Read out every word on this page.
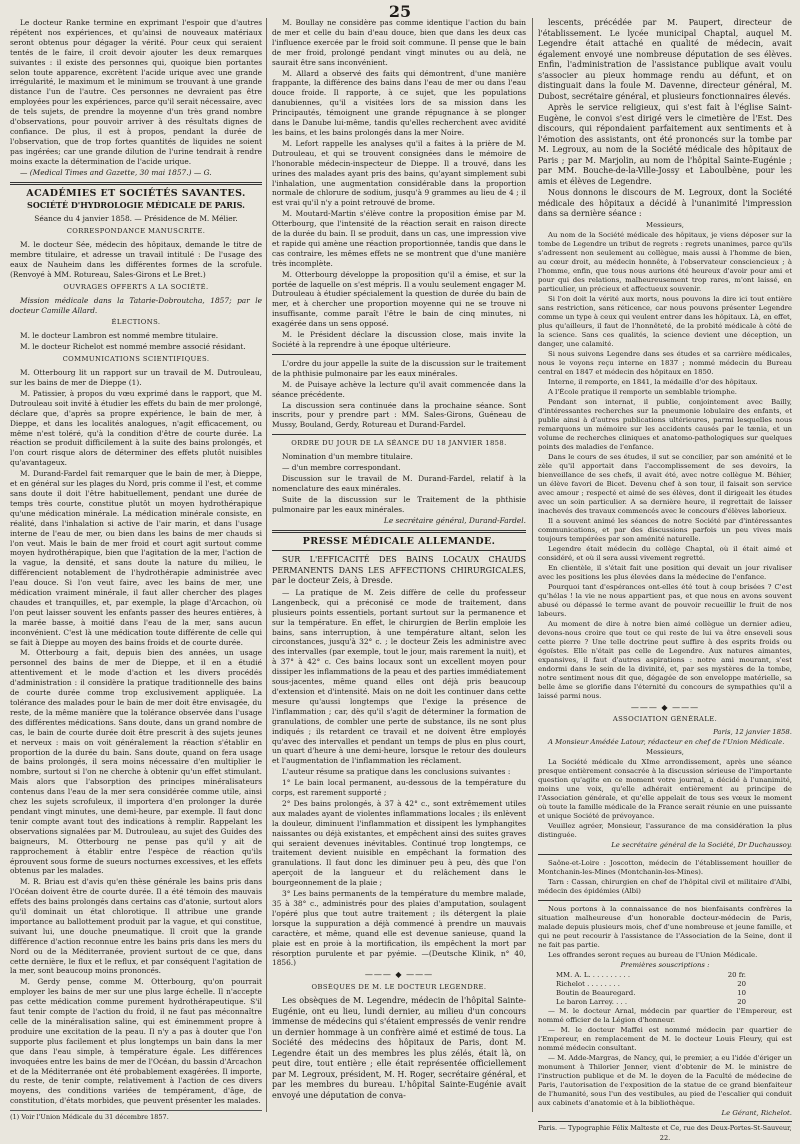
25

Le docteur Ranke termine en exprimant l'espoir que d'autres répétent nos expériences, et qu'ainsi de nouveaux matériaux seront obtenus pour dégager la vérité. Pour ceux qui seraient tentés de le faire, il croit devoir ajouter les deux remarques suivantes : il existe des personnes qui, quoique bien portantes selon toute apparence, excrètent l'acide urique avec une grande irrégularité, le maximum et le minimum se trouvant à une grande distance l'un de l'autre. Ces personnes ne devraient pas être employées pour les expériences, parce qu'il serait nécessaire, avec de tels sujets, de prendre la moyenne d'un très grand nombre d'observations, pour pouvoir arriver à des résultats dignes de confiance. De plus, il est à propos, pendant la durée de l'observation, que de trop fortes quantités de liquides ne soient pas ingérées; car une grande dilution de l'urine tendrait à rendre moins exacte la détermination de l'acide urique.

— (Medical Times and Gazette, 30 mai 1857.) — G.

ACADÉMIES ET SOCIÉTÉS SAVANTES.
SOCIÉTÉ D'HYDROLOGIE MÉDICALE DE PARIS.

Séance du 4 janvier 1858. — Présidence de M. Mélier.

CORRESPONDANCE MANUSCRITE.

M. le docteur Sée, médecin des hôpitaux, demande le titre de membre titulaire, et adresse un travail intitulé : De l'usage des eaux de Nauheim dans les différentes formes de la scrofule. (Renvoyé à MM. Rotureau, Sales-Girons et Le Bret.)

OUVRAGES OFFERTS A LA SOCIÉTÉ.

Mission médicale dans la Tatarie-Dobroutcha, 1857; par le docteur Camille Allard.

ÉLECTIONS.

M. le docteur Lambron est nommé membre titulaire.

M. le docteur Richelot est nommé membre associé résidant.

COMMUNICATIONS SCIENTIFIQUES.

M. Otterbourg lit un rapport sur un travail de M. Dutrouleau, sur les bains de mer de Dieppe (1).

M. Patissier, à propos du vœu exprimé dans le rapport, que M. Dutrouleau soit invité à étudier les effets du bain de mer prolongé, déclare que, d'après sa propre expérience, le bain de mer, à Dieppe, et dans les localités analogues, n'agit efficacement, ou même n'est toléré, qu'à la condition d'être de courte durée. La réaction se produit difficilement à la suite des bains prolongés, et l'on court risque alors de déterminer des effets plutôt nuisibles qu'avantageux.

M. Durand-Fardel fait remarquer que le bain de mer, à Dieppe, et en général sur les plages du Nord, pris comme il l'est, et comme sans doute il doit l'être habituellement, pendant une durée de temps très courte, constitue plutôt un moyen hydrothérapique qu'une médication minérale. La médication minérale consiste, en réalité, dans l'inhalation si active de l'air marin, et dans l'usage interne de l'eau de mer, ou bien dans les bains de mer chauds si l'on veut. Mais le bain de mer froid et court agit surtout comme moyen hydrothérapique, bien que l'agitation de la mer, l'action de la vague, la densité, et sans doute la nature du milieu, le différencient notablement de l'hydrothérapie administrée avec l'eau douce. Si l'on veut faire, avec les bains de mer, une médication vraiment minérale, il faut aller chercher des plages chaudes et tranquilles, et, par exemple, la plage d'Arcachon, où l'on peut laisser souvent les enfants passer des heures entières, à la marée basse, à moitié dans l'eau de la mer, sans aucun inconvénient. C'est là une médication toute différente de celle qui se fait à Dieppe au moyen des bains froids et de courte durée.

M. Otterbourg a fait, depuis bien des années, un usage personnel des bains de mer de Dieppe, et il en a étudié attentivement et le mode d'action et les divers procédés d'administration : il considère la pratique traditionnelle des bains de courte durée comme trop exclusivement appliquée. La tolérance des malades pour le bain de mer doit être envisagée, du reste, de la même manière que la tolérance observée dans l'usage des différentes médications. Sans doute, dans un grand nombre de cas, le bain de courte durée doit être prescrit à des sujets jeunes et nerveux : mais on voit généralement la réaction s'établir en proportion de la durée du bain. Sans doute, quand on fera usage de bains prolongés, il sera moins nécessaire d'en multiplier le nombre, surtout si l'on ne cherche à obtenir qu'un effet stimulant. Mais alors que l'absorption des principes minéralisateurs contenus dans l'eau de la mer sera considérée comme utile, ainsi chez les sujets scrofuleux, il importera d'en prolonger la durée pendant vingt minutes, une demi-heure, par exemple. Il faut donc tenir compte avant tout des indications à remplir. Rappelant les observations signalées par M. Dutrouleau, au sujet des Guides des baigneurs, M. Otterbourg ne pense pas qu'il y ait de rapprochement à établir entre l'espèce de réaction qu'ils éprouvent sous forme de sueurs nocturnes excessives, et les effets obtenus par les malades.

M. R. Briau est d'avis qu'en thèse générale les bains pris dans l'Océan doivent être de courte durée. Il a été témoin des mauvais effets des bains prolongés dans certains cas d'atonie, surtout alors qu'il dominait un état chlorotique. Il attribue une grande importance au ballottement produit par la vague, et qui constitue, suivant lui, une douche pneumatique. Il croit que la grande différence d'action reconnue entre les bains pris dans les mers du Nord ou de la Méditerranée, provient surtout de ce que, dans cette dernière, le flux et le reflux, et par conséquent l'agitation de la mer, sont beaucoup moins prononcés.

M. Gerdy pense, comme M. Otterbourg, qu'on pourrait employer les bains de mer sur une plus large échelle. Il n'accepte pas cette médication comme purement hydrothérapeutique. S'il faut tenir compte de l'action du froid, il ne faut pas méconnaître celle de la minéralisation saline, qui est éminemment propre à produire une excitation de la peau. Il n'y a pas à douter que l'on supporte plus facilement et plus longtemps un bain dans la mer que dans l'eau simple, à température égale. Les différences invoquées entre les bains de mer de l'Océan, du bassin d'Arcachon et de la Méditerranée ont été probablement exagérées. Il importe, du reste, de tenir compte, relativement à l'action de ces divers moyens, des conditions variées de tempérament, d'âge, de constitution, d'états morbides, que peuvent présenter les malades.

(1) Voir l'Union Médicale du 31 décembre 1857.

M. Boullay ne considère pas comme identique l'action du bain de mer et celle du bain d'eau douce, bien que dans les deux cas l'influence exercée par le froid soit commune. Il pense que le bain de mer froid, prolongé pendant vingt minutes ou au delà, ne saurait être sans inconvénient.

M. Allard a observé des faits qui démontrent, d'une manière frappante, la différence des bains dans l'eau de mer ou dans l'eau douce froide. Il rapporte, à ce sujet, que les populations danubiennes, qu'il a visitées lors de sa mission dans les Principautés, témoignent une grande répugnance à se plonger dans le Danube lui-même, tandis qu'elles recherchent avec avidité les bains, et les bains prolongés dans la mer Noire.

M. Lefort rappelle les analyses qu'il a faites à la prière de M. Dutrouleau, et qui se trouvent consignées dans le mémoire de l'honorable médecin-inspecteur de Dieppe. Il a trouvé, dans les urines des malades ayant pris des bains, qu'ayant simplement subi l'inhalation, une augmentation considérable dans la proportion normale de chlorure de sodium, jusqu'à 9 grammes au lieu de 4 ; il est vrai qu'il n'y a point retrouvé de brome.

M. Moutard-Martin s'élève contre la proposition émise par M. Otterbourg, que l'intensité de la réaction serait en raison directe de la durée du bain. Il se produit, dans un cas, une impression vive et rapide qui amène une réaction proportionnée, tandis que dans le cas contraire, les mêmes effets ne se montrent que d'une manière très incomplète.

M. Otterbourg développe la proposition qu'il a émise, et sur la portée de laquelle on s'est mépris. Il a voulu seulement engager M. Dutrouleau à étudier spécialement la question de durée du bain de mer, et à chercher une proportion moyenne qui ne se trouve ni insuffisante, comme paraît l'être le bain de cinq minutes, ni exagérée dans un sens opposé.

M. le Président déclare la discussion close, mais invite la Société à la reprendre à une époque ultérieure.

L'ordre du jour appelle la suite de la discussion sur le traitement de la phthisie pulmonaire par les eaux minérales.

M. de Puisaye achève la lecture qu'il avait commencée dans la séance précédente.

La discussion sera continuée dans la prochaine séance. Sont inscrits, pour y prendre part : MM. Sales-Girons, Guéneau de Mussy, Bouland, Gerdy, Rotureau et Durand-Fardel.

ORDRE DU JOUR DE LA SÉANCE DU 18 JANVIER 1858.

Nomination d'un membre titulaire.

— d'un membre correspondant.

Discussion sur le travail de M. Durand-Fardel, relatif à la nomenclature des eaux minérales.

Suite de la discussion sur le Traitement de la phthisie pulmonaire par les eaux minérales.

Le secrétaire général, Durand-Fardel.

PRESSE MÉDICALE ALLEMANDE.

SUR L'EFFICACITÉ DES BAINS LOCAUX CHAUDS PERMANENTS DANS LES AFFECTIONS CHIRURGICALES, par le docteur Zeis, à Dresde.

— La pratique de M. Zeis diffère de celle du professeur Langenbeck, qui a préconisé ce mode de traitement, dans plusieurs points essentiels, portant surtout sur la permanence et sur la température. En effet, le chirurgien de Berlin emploie les bains, sans interruption, à une température altant, selon les circonstances, jusqu'à 32° c. ; le docteur Zeis les administre avec des intervalles (par exemple, tout le jour, mais rarement la nuit), et à 37° à 42° c. Ces bains locaux sont un excellent moyen pour dissiper les inflammations de la peau et des parties immédiatement sous-jacentes, même quand elles ont déjà pris beaucoup d'extension et d'intensité. Mais on ne doit les continuer dans cette mesure qu'aussi longtemps que l'exige la présence de l'inflammation ; car, dès qu'il s'agit de déterminer la formation de granulations, de combler une perte de substance, ils ne sont plus indiqués ; ils retardent ce travail et ne doivent être employés qu'avec des intervalles et pendant un temps de plus en plus court, un quart d'heure à une demi-heure, lorsque le retour des douleurs et l'augmentation de l'inflammation les réclament.

L'auteur résume sa pratique dans les conclusions suivantes :

1° Le bain local permanent, au-dessous de la température du corps, est rarement supporté ;

2° Des bains prolongés, à 37 à 42° c., sont extrêmement utiles aux malades ayant de violentes inflammations locales ; ils enlèvent la douleur, diminuent l'inflammation et dissipent les lymphangites naissantes ou déjà existantes, et empêchent ainsi des suites graves qui seraient devenues inévitables. Continué trop longtemps, ce traitement devient nuisible en empêchant la formation des granulations. Il faut donc les diminuer peu à peu, dès que l'on aperçoit de la langueur et du relâchement dans le bourgeonnement de la plaie ;

3° Les bains permanents de la température du membre malade, 35 à 38° c., administrés pour des plaies d'amputation, soulagent l'opéré plus que tout autre traitement ; ils détergent la plaie lorsque la suppuration a déjà commencé à prendre un mauvais caractère, et même, quand elle est devenue sanieuse, quand la plaie est en proie à la mortification, ils empêchent la mort par résorption purulente et par pyémie. —(Deutsche Klinik, n° 40, 1856.)

——— ◆ ———
OBSÈQUES DE M. LE DOCTEUR LEGENDRE.

Les obsèques de M. Legendre, médecin de l'hôpital Sainte-Eugénie, ont eu lieu, lundi dernier, au milieu d'un concours immense de médecins qui s'étaient empressés de venir rendre un dernier hommage à un confrère aimé et estimé de tous. La Société des médecins des hôpitaux de Paris, dont M. Legendre était un des membres les plus zélés, était là, on peut dire, tout entière ; elle était représentée officiellement par M. Legroux, président, M. H. Roger, secrétaire général, et par les membres du bureau. L'hôpital Sainte-Eugénie avait envoyé une députation de conva-

lescents, précédée par M. Paupert, directeur de l'établissement. Le lycée municipal Chaptal, auquel M. Legendre était attaché en qualité de médecin, avait également envoyé une nombreuse députation de ses élèves. Enfin, l'administration de l'assistance publique avait voulu s'associer au pieux hommage rendu au défunt, et on distinguait dans la foule M. Davenne, directeur général, M. Dubost, secrétaire général, et plusieurs fonctionnaires élevés.

Après le service religieux, qui s'est fait à l'église Saint-Eugène, le convoi s'est dirigé vers le cimetière de l'Est. Des discours, qui répondaient parfaitement aux sentiments et à l'émotion des assistants, ont été prononcés sur la tombe par M. Legroux, au nom de la Société médicale des hôpitaux de Paris ; par M. Marjolin, au nom de l'hôpital Sainte-Eugénie ; par MM. Bouche-de-la-Ville-Jossy et Laboulbène, pour les amis et élèves de Legendre.

Nous donnons le discours de M. Legroux, dont la Société médicale des hôpitaux a décidé à l'unanimité l'impression dans sa dernière séance :

Messieurs,

Au nom de la Société médicale des hôpitaux, je viens déposer sur la tombe de Legendre un tribut de regrets : regrets unanimes, parce qu'ils s'adressent non seulement au collègue, mais aussi à l'homme de bien, au cœur droit, au médecin honnête, à l'observateur consciencieux ; à l'homme, enfin, que tous nous aurions été heureux d'avoir pour ami et pour qui des relations, malheureusement trop rares, m'ont laissé, en particulier, un précieux et affectueux souvenir.

Si l'on doit la vérité aux morts, nous pouvons la dire ici tout entière sans restriction, sans réticence, car nous pouvons présenter Legendre comme un type à ceux qui veulent entrer dans les hôpitaux. Là, en effet, plus qu'ailleurs, il faut de l'honnêteté, de la probité médicale à côté de la science. Sans ces qualités, la science devient une déception, un danger, une calamité.

Si nous suivons Legendre dans ses études et sa carrière médicales, nous le voyons reçu interne en 1837 ; nommé médecin du Bureau central en 1847 et médecin des hôpitaux en 1850.

Interne, il remporte, en 1841, la médaille d'or des hôpitaux.

A l'École pratique il remporte un semblable triomphe.

Pendant son internat, il publie, conjointement avec Bailly, d'intéressantes recherches sur la pneumonie lobulaire des enfants, et publie ainsi à d'autres publications ultérieures, parmi lesquelles nous remarquons un mémoire sur les accidents causés par le tænia, et un volume de recherches cliniques et anatomo-pathologiques sur quelques points des maladies de l'enfance.

Dans le cours de ses études, il sut se concilier, par son aménité et le zèle qu'il apportait dans l'accomplissement de ses devoirs, la bienveillance de ses chefs, il avait été, avec notre collègue M. Béhier, un élève favori de Bicet. Devenu chef à son tour, il faisait son service avec amour ; respecté et aimé de ses élèves, dont il dirigeait les études avec un soin particulier. A sa dernière heure, il regrettait de laisser inachevés des travaux commencés avec le concours d'élèves laborieux.

Il a souvent animé les séances de notre Société par d'intéressantes communications, et par des discussions parfois un peu vives mais toujours tempérées par son aménité naturelle.

Legendre était médecin du collège Chaptal, où il était aimé et considéré, et où il sera aussi vivement regretté.

En clientèle, il s'était fait une position qui devait un jour rivaliser avec les positions les plus élevées dans la médecine de l'enfance.

Pourquoi tant d'espérances ont-elles été tout à coup brisées ? C'est qu'hélas ! la vie ne nous appartient pas, et que nous en avons souvent abusé ou dépassé le terme avant de pouvoir recueillir le fruit de nos labeurs.

Au moment de dire à notre bien aimé collègue un dernier adieu, devons-nous croire que tout ce qui reste de lui va être enseveli sous cette pierre ? Une telle doctrine peut suffire à des esprits froids ou égoïstes. Elle n'était pas celle de Legendre. Aux natures aimantes, expansives, il faut d'autres aspirations : notre ami mourant, s'est endormi dans le sein de la divinité, et, par ses mystères de la tombe, notre sentiment nous dit que, dégagée de son enveloppe matérielle, sa belle âme se glorifie dans l'éternité du concours de sympathies qu'il a laissé parmi nous.

——— ◆ ———
ASSOCIATION GÉNÉRALE.

Paris, 12 janvier 1858.

A Monsieur Amédée Latour, rédacteur en chef de l'Union Médicale.

Messieurs,

La Société médicale du XIme arrondissement, après une séance presque entièrement consacrée à la discussion sérieuse de l'importante question qu'agite en ce moment votre journal, a décidé à l'unanimité, moins une voix, qu'elle adhérait entièrement au principe de l'Association générale, et qu'elle appelait de tous ses vœux le moment où toute la famille médicale de la France serait réunie en une puissante et unique Société de prévoyance.

Veuillez agréer, Monsieur, l'assurance de ma considération la plus distinguée.

Le secrétaire général de la Société, Dr Duchaussoy.

Saône-et-Loire : Joscotton, médecin de l'établissement houiller de Montchanin-les-Mines (Montchanin-les-Mines).

Tarn : Cassan, chirurgien en chef de l'hôpital civil et militaire d'Albi, médecin des épidémies (Albi)

Nous portons à la connaissance de nos bienfaisants confrères la situation malheureuse d'un honorable docteur-médecin de Paris, malade depuis plusieurs mois, chef d'une nombreuse et jeune famille, et qui ne peut recourir à l'assistance de l'Association de la Seine, dont il ne fait pas partie.

Les offrandes seront reçues au bureau de l'Union Médicale.

Premières souscriptions :

MM. A. L. . . . . . . . . .	20 fr.
Richelot . . . . . . . .	20
Boutin de Beauregard.	10
Le baron Larrey. . . .	20

— M. le docteur Arnal, médecin par quartier de l'Empereur, est nommé officier de la Légion d'honneur.

— M. le docteur Maffei est nommé médecin par quartier de l'Empereur, en remplacement de M. le docteur Louis Fleury, qui est nommé médecin consultant.

— M. Adde-Margras, de Nancy, qui, le premier, a eu l'idée d'ériger un monument à Thilorier Jenner, vient d'obtenir de M. le ministre de l'instruction publique et de M. le doyen de la Faculté de médecine de Paris, l'autorisation de l'exposition de la statue de ce grand bienfaiteur de l'humanité, sous l'un des vestibules, au pied de l'escalier qui conduit aux cabinets d'anatomie et à la bibliothèque.

Le Gérant, Richelot.

Paris. — Typographie Félix Malteste et Ce, rue des Deux-Portes-St-Sauveur, 22.
